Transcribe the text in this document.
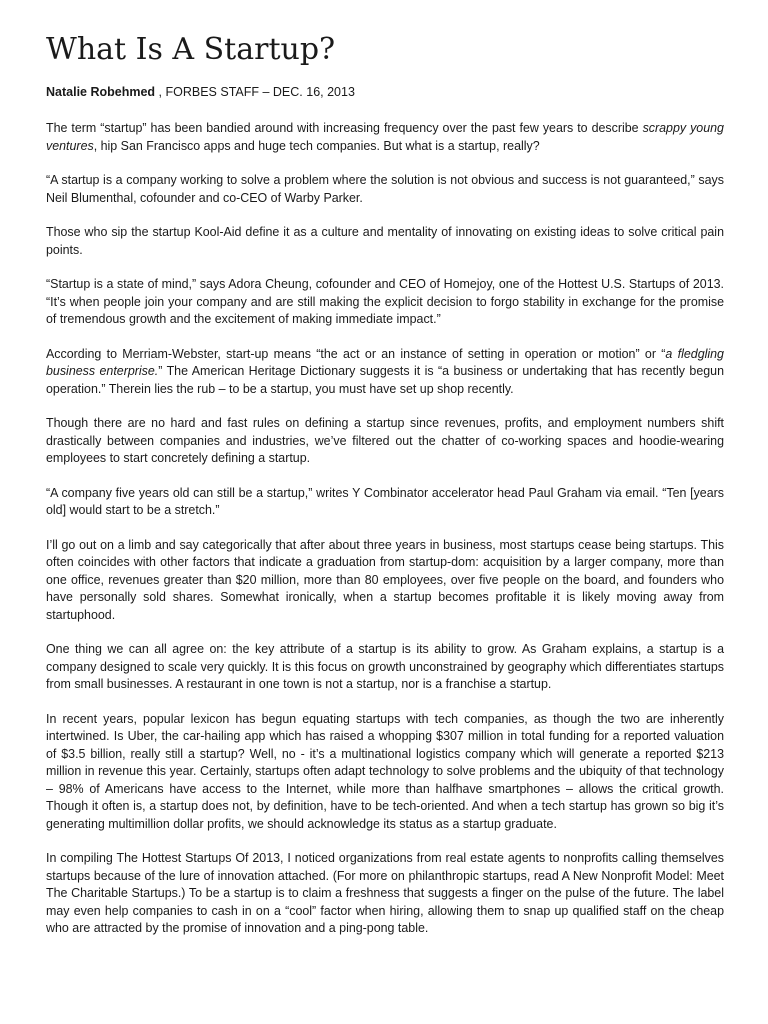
What Is A Startup?
Natalie Robehmed , FORBES STAFF – DEC. 16, 2013

The term “startup” has been bandied around with increasing frequency over the past few years to describe scrappy young ventures, hip San Francisco apps and huge tech companies. But what is a startup, really?

“A startup is a company working to solve a problem where the solution is not obvious and success is not guaranteed,” says Neil Blumenthal, cofounder and co-CEO of Warby Parker.

Those who sip the startup Kool-Aid define it as a culture and mentality of innovating on existing ideas to solve critical pain points.

“Startup is a state of mind,” says Adora Cheung, cofounder and CEO of Homejoy, one of the Hottest U.S. Startups of 2013. “It’s when people join your company and are still making the explicit decision to forgo stability in exchange for the promise of tremendous growth and the excitement of making immediate impact.”

According to Merriam-Webster, start-up means “the act or an instance of setting in operation or motion” or “a fledgling business enterprise.” The American Heritage Dictionary suggests it is “a business or undertaking that has recently begun operation.” Therein lies the rub – to be a startup, you must have set up shop recently.

Though there are no hard and fast rules on defining a startup since revenues, profits, and employment numbers shift drastically between companies and industries, we’ve filtered out the chatter of co-working spaces and hoodie-wearing employees to start concretely defining a startup.

“A company five years old can still be a startup,” writes Y Combinator accelerator head Paul Graham via email. “Ten [years old] would start to be a stretch.”

I’ll go out on a limb and say categorically that after about three years in business, most startups cease being startups. This often coincides with other factors that indicate a graduation from startup-dom: acquisition by a larger company, more than one office, revenues greater than $20 million, more than 80 employees, over five people on the board, and founders who have personally sold shares. Somewhat ironically, when a startup becomes profitable it is likely moving away from startuphood.

One thing we can all agree on: the key attribute of a startup is its ability to grow. As Graham explains, a startup is a company designed to scale very quickly. It is this focus on growth unconstrained by geography which differentiates startups from small businesses. A restaurant in one town is not a startup, nor is a franchise a startup.

In recent years, popular lexicon has begun equating startups with tech companies, as though the two are inherently intertwined. Is Uber, the car-hailing app which has raised a whopping $307 million in total funding for a reported valuation of $3.5 billion, really still a startup? Well, no - it’s a multinational logistics company which will generate a reported $213 million in revenue this year. Certainly, startups often adapt technology to solve problems and the ubiquity of that technology – 98% of Americans have access to the Internet, while more than halfhave smartphones – allows the critical growth. Though it often is, a startup does not, by definition, have to be tech-oriented. And when a tech startup has grown so big it’s generating multimillion dollar profits, we should acknowledge its status as a startup graduate.

In compiling The Hottest Startups Of 2013, I noticed organizations from real estate agents to nonprofits calling themselves startups because of the lure of innovation attached. (For more on philanthropic startups, read A New Nonprofit Model: Meet The Charitable Startups.) To be a startup is to claim a freshness that suggests a finger on the pulse of the future. The label may even help companies to cash in on a “cool” factor when hiring, allowing them to snap up qualified staff on the cheap who are attracted by the promise of innovation and a ping-pong table.
